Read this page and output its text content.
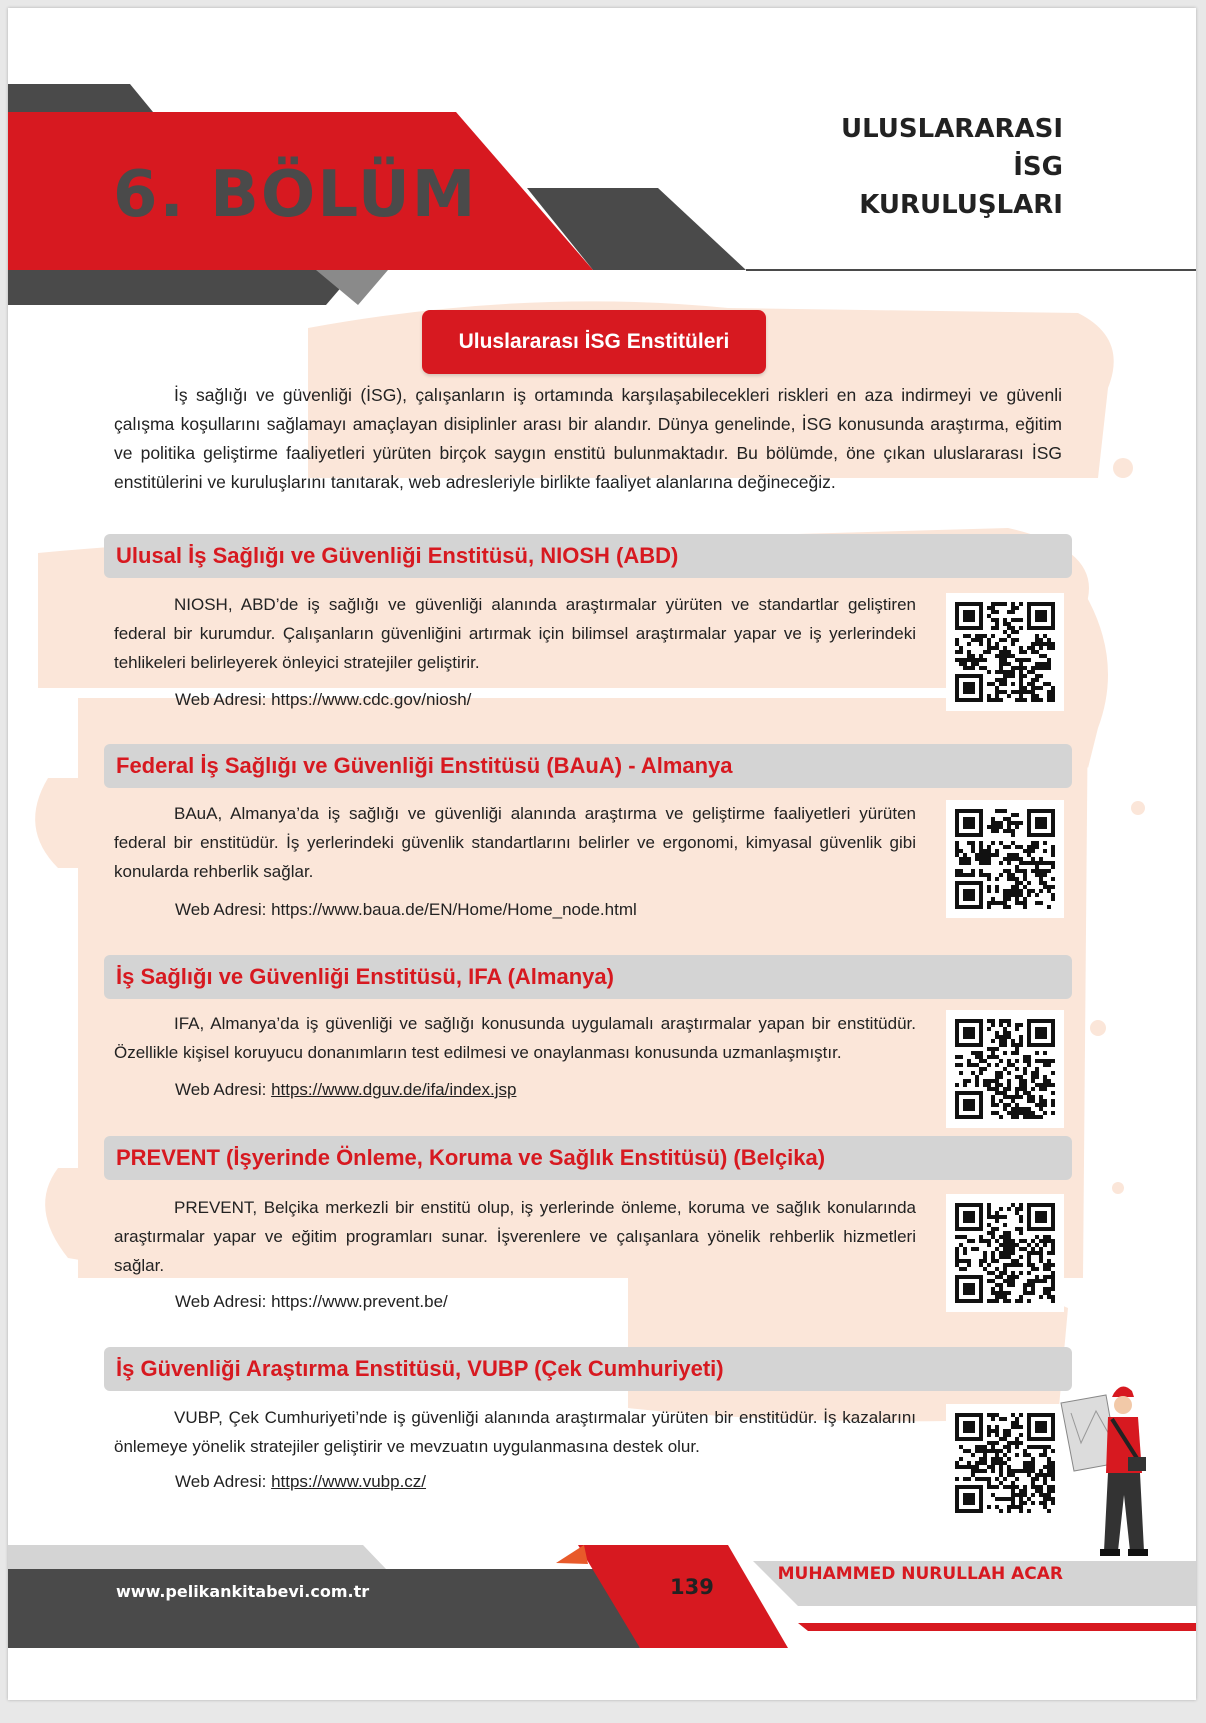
6. BÖLÜM
ULUSLARARASI
İSG
KURULUŞLARI
Uluslararası İSG Enstitüleri

İş sağlığı ve güvenliği (İSG), çalışanların iş ortamında karşılaşabilecekleri riskleri en aza indirmeyi ve güvenli çalışma koşullarını sağlamayı amaçlayan disiplinler arası bir alandır. Dünya genelinde, İSG konusunda araştırma, eğitim ve politika geliştirme faaliyetleri yürüten birçok saygın enstitü bulunmaktadır. Bu bölümde, öne çıkan uluslararası İSG enstitülerini ve kuruluşlarını tanıtarak, web adresleriyle birlikte faaliyet alanlarına değineceğiz.

Ulusal İş Sağlığı ve Güvenliği Enstitüsü, NIOSH (ABD)

NIOSH, ABD’de iş sağlığı ve güvenliği alanında araştırmalar yürüten ve standartlar geliştiren federal bir kurumdur. Çalışanların güvenliğini artırmak için bilimsel araştırmalar yapar ve iş yerlerindeki tehlikeleri belirleyerek önleyici stratejiler geliştirir.

Web Adresi: https://www.cdc.gov/niosh/
Federal İş Sağlığı ve Güvenliği Enstitüsü (BAuA) - Almanya

BAuA, Almanya’da iş sağlığı ve güvenliği alanında araştırma ve geliştirme faaliyetleri yürüten federal bir enstitüdür. İş yerlerindeki güvenlik standartlarını belirler ve ergonomi, kimyasal güvenlik gibi konularda rehberlik sağlar.

Web Adresi: https://www.baua.de/EN/Home/Home_node.html
İş Sağlığı ve Güvenliği Enstitüsü, IFA (Almanya)

IFA, Almanya’da iş güvenliği ve sağlığı konusunda uygulamalı araştırmalar yapan bir enstitüdür. Özellikle kişisel koruyucu donanımların test edilmesi ve onaylanması konusunda uzmanlaşmıştır.

Web Adresi: https://www.dguv.de/ifa/index.jsp
PREVENT (İşyerinde Önleme, Koruma ve Sağlık Enstitüsü) (Belçika)

PREVENT, Belçika merkezli bir enstitü olup, iş yerlerinde önleme, koruma ve sağlık konularında araştırmalar yapar ve eğitim programları sunar. İşverenlere ve çalışanlara yönelik rehberlik hizmetleri sağlar.

Web Adresi: https://www.prevent.be/
İş Güvenliği Araştırma Enstitüsü, VUBP (Çek Cumhuriyeti)

VUBP, Çek Cumhuriyeti’nde iş güvenliği alanında araştırmalar yürüten bir enstitüdür. İş kazalarını önlemeye yönelik stratejiler geliştirir ve mevzuatın uygulanmasına destek olur.

Web Adresi: https://www.vubp.cz/
www.pelikankitabevi.com.tr	139
MUHAMMED NURULLAH ACAR
